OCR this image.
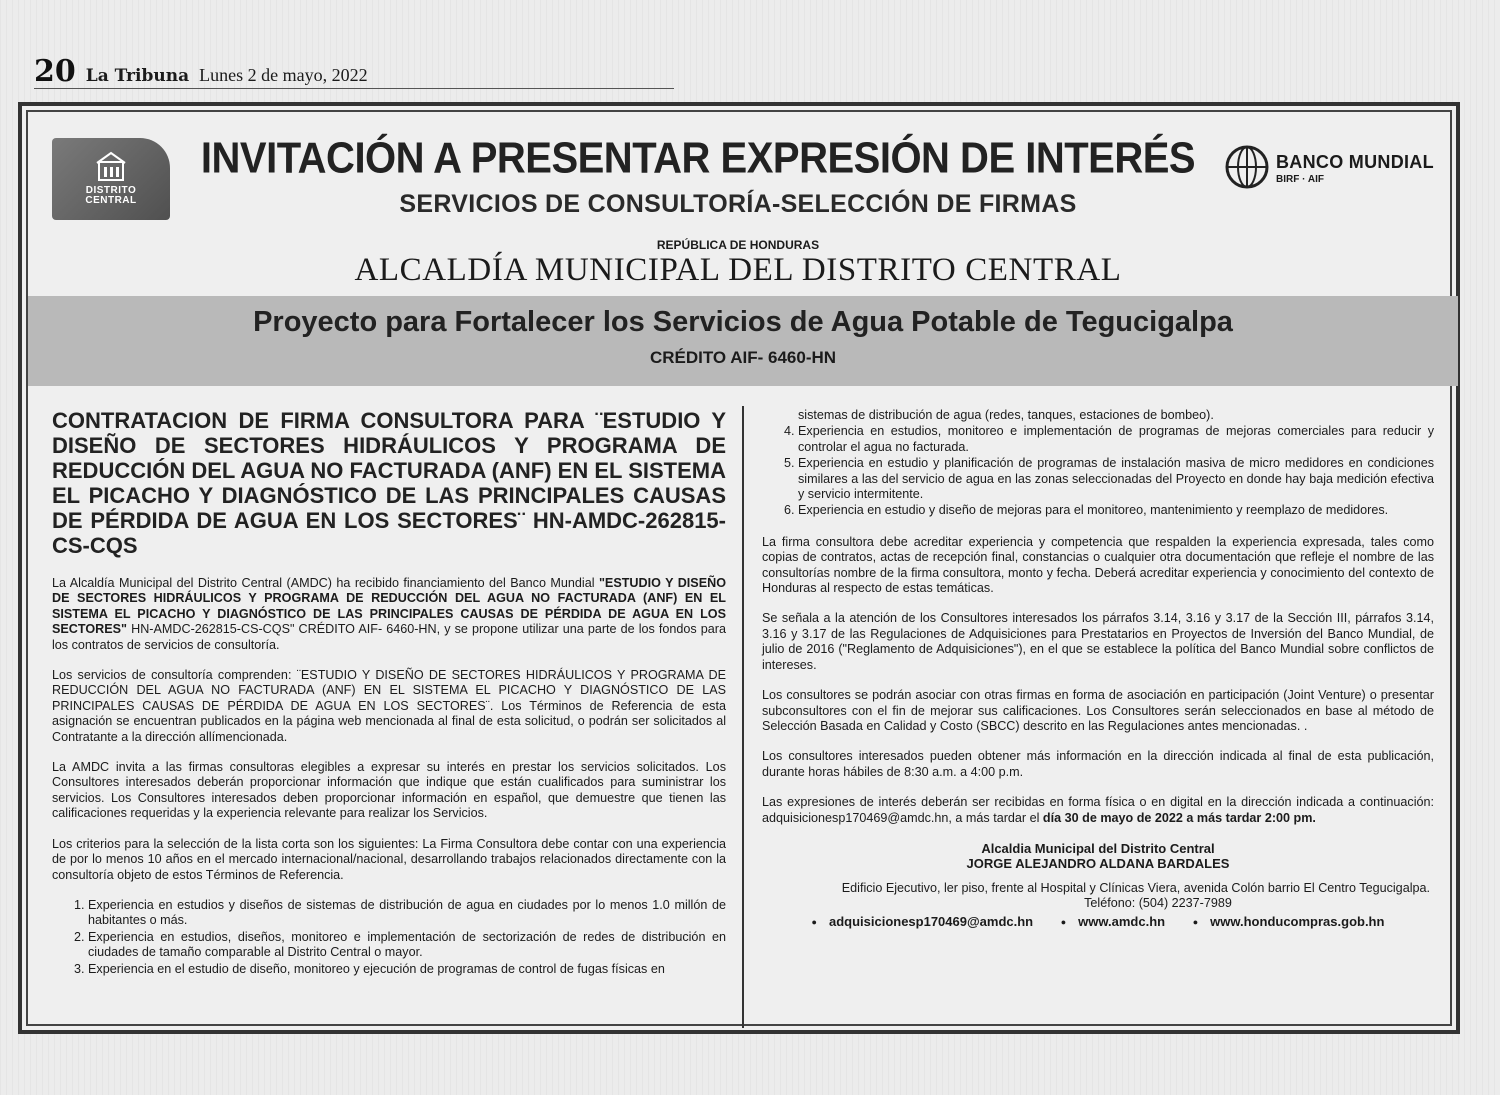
20 La Tribuna Lunes 2 de mayo, 2022
DISTRITO
CENTRAL
INVITACIÓN A PRESENTAR EXPRESIÓN DE INTERÉS	BANCO MUNDIAL
BIRF · AIF
SERVICIOS DE CONSULTORÍA-SELECCIÓN DE FIRMAS
REPÚBLICA DE HONDURAS
ALCALDÍA MUNICIPAL DEL DISTRITO CENTRAL
Proyecto para Fortalecer los Servicios de Agua Potable de Tegucigalpa
CRÉDITO AIF- 6460-HN
CONTRATACION DE FIRMA CONSULTORA PARA ¨ESTUDIO Y DISEÑO DE SECTORES HIDRÁULICOS Y PROGRAMA DE REDUCCIÓN DEL AGUA NO FACTURADA (ANF) EN EL SISTEMA EL PICACHO Y DIAGNÓSTICO DE LAS PRINCIPALES CAUSAS DE PÉRDIDA DE AGUA EN LOS SECTORES¨ HN-AMDC-262815-CS-CQS

La Alcaldía Municipal del Distrito Central (AMDC) ha recibido financiamiento del Banco Mundial "ESTUDIO Y DISEÑO DE SECTORES HIDRÁULICOS Y PROGRAMA DE REDUCCIÓN DEL AGUA NO FACTURADA (ANF) EN EL SISTEMA EL PICACHO Y DIAGNÓSTICO DE LAS PRINCIPALES CAUSAS DE PÉRDIDA DE AGUA EN LOS SECTORES" HN-AMDC-262815-CS-CQS" CRÉDITO AIF- 6460-HN, y se propone utilizar una parte de los fondos para los contratos de servicios de consultoría.

Los servicios de consultoría comprenden: ¨ESTUDIO Y DISEÑO DE SECTORES HIDRÁULICOS Y PROGRAMA DE REDUCCIÓN DEL AGUA NO FACTURADA (ANF) EN EL SISTEMA EL PICACHO Y DIAGNÓSTICO DE LAS PRINCIPALES CAUSAS DE PÉRDIDA DE AGUA EN LOS SECTORES¨. Los Términos de Referencia de esta asignación se encuentran publicados en la página web mencionada al final de esta solicitud, o podrán ser solicitados al Contratante a la dirección allímencionada.

La AMDC invita a las firmas consultoras elegibles a expresar su interés en prestar los servicios solicitados. Los Consultores interesados deberán proporcionar información que indique que están cualificados para suministrar los servicios. Los Consultores interesados deben proporcionar información en español, que demuestre que tienen las calificaciones requeridas y la experiencia relevante para realizar los Servicios.

Los criterios para la selección de la lista corta son los siguientes: La Firma Consultora debe contar con una experiencia de por lo menos 10 años en el mercado internacional/nacional, desarrollando trabajos relacionados directamente con la consultoría objeto de estos Términos de Referencia.

1. Experiencia en estudios y diseños de sistemas de distribución de agua en ciudades por lo menos 1.0 millón de habitantes o más.
2. Experiencia en estudios, diseños, monitoreo e implementación de sectorización de redes de distribución en ciudades de tamaño comparable al Distrito Central o mayor.
3. Experiencia en el estudio de diseño, monitoreo y ejecución de programas de control de fugas físicas en
sistemas de distribución de agua (redes, tanques, estaciones de bombeo).
4. Experiencia en estudios, monitoreo e implementación de programas de mejoras comerciales para reducir y controlar el agua no facturada.
5. Experiencia en estudio y planificación de programas de instalación masiva de micro medidores en condiciones similares a las del servicio de agua en las zonas seleccionadas del Proyecto en donde hay baja medición efectiva y servicio intermitente.
6. Experiencia en estudio y diseño de mejoras para el monitoreo, mantenimiento y reemplazo de medidores.

La firma consultora debe acreditar experiencia y competencia que respalden la experiencia expresada, tales como copias de contratos, actas de recepción final, constancias o cualquier otra documentación que refleje el nombre de las consultorías nombre de la firma consultora, monto y fecha. Deberá acreditar experiencia y conocimiento del contexto de Honduras al respecto de estas temáticas.

Se señala a la atención de los Consultores interesados los párrafos 3.14, 3.16 y 3.17 de la Sección III, párrafos 3.14, 3.16 y 3.17 de las Regulaciones de Adquisiciones para Prestatarios en Proyectos de Inversión del Banco Mundial, de julio de 2016 ("Reglamento de Adquisiciones"), en el que se establece la política del Banco Mundial sobre conflictos de intereses.

Los consultores se podrán asociar con otras firmas en forma de asociación en participación (Joint Venture) o presentar subconsultores con el fin de mejorar sus calificaciones. Los Consultores serán seleccionados en base al método de Selección Basada en Calidad y Costo (SBCC) descrito en las Regulaciones antes mencionadas. .

Los consultores interesados pueden obtener más información en la dirección indicada al final de esta publicación, durante horas hábiles de 8:30 a.m. a 4:00 p.m.

Las expresiones de interés deberán ser recibidas en forma física o en digital en la dirección indicada a continuación: adquisicionesp170469@amdc.hn, a más tardar el día 30 de mayo de 2022 a más tardar 2:00 pm.

Alcaldia Municipal del Distrito Central
JORGE ALEJANDRO ALDANA BARDALES
Edificio Ejecutivo, ler piso, frente al Hospital y Clínicas Viera, avenida Colón barrio El Centro Tegucigalpa.
Teléfono: (504) 2237-7989
● adquisicionesp170469@amdc.hn	● www.amdc.hn	● www.honducompras.gob.hn
